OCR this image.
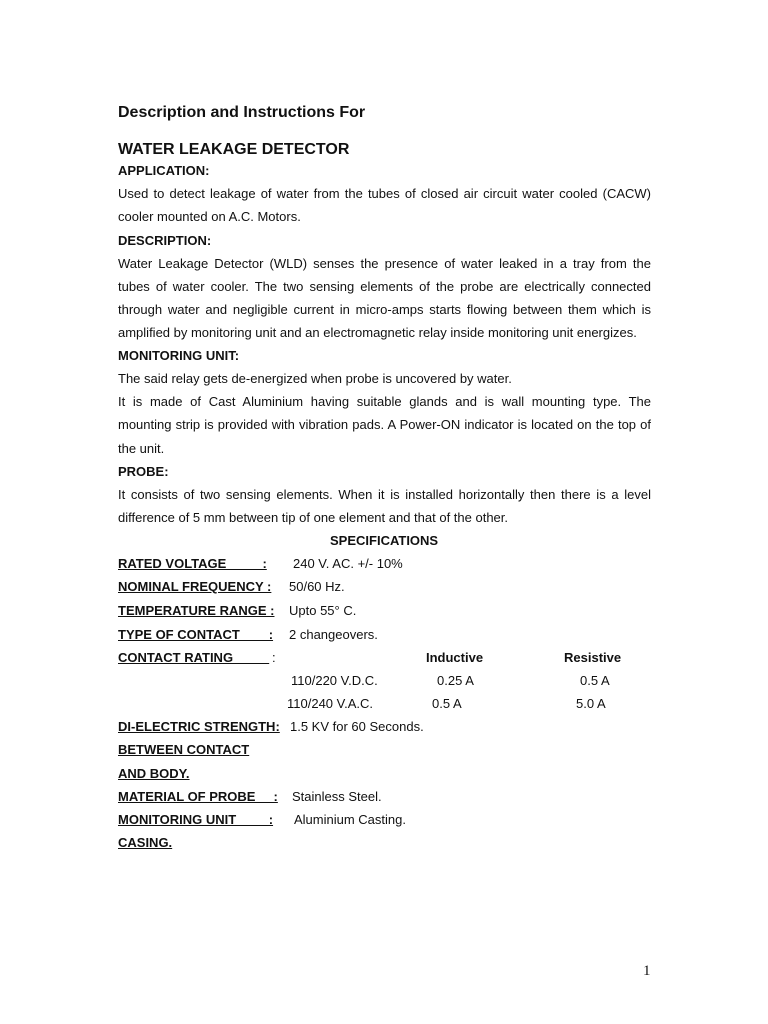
Description and Instructions For
WATER LEAKAGE DETECTOR
APPLICATION:
Used to detect leakage of water from the tubes of closed air circuit water cooled (CACW)
cooler mounted on A.C. Motors.
DESCRIPTION:
Water Leakage Detector (WLD) senses the presence of water leaked in a tray from the
tubes of water cooler. The two sensing elements of the probe are electrically connected
through water and negligible current in micro-amps starts flowing between them which is
amplified by monitoring unit and an electromagnetic relay inside monitoring unit energizes.
MONITORING UNIT:
The said relay gets de-energized when probe is uncovered by water.
It is made of Cast Aluminium having suitable glands and is wall mounting type. The
mounting strip is provided with vibration pads. A Power-ON indicator is located on the top of
the unit.
PROBE:
It consists of two sensing elements. When it is installed horizontally then there is a level
difference of 5 mm between tip of one element and that of the other.
SPECIFICATIONS
RATED VOLTAGE          : 240 V. AC. +/- 10%
NOMINAL FREQUENCY : 50/60 Hz.
TEMPERATURE RANGE : Upto 55° C.
TYPE OF CONTACT        : 2 changeovers.
CONTACT RATING :	Inductive	Resistive
110/220 V.D.C.	0.25 A	0.5 A
110/240 V.A.C.	0.5 A	5.0 A
DI-ELECTRIC STRENGTH: 1.5 KV for 60 Seconds.
BETWEEN CONTACT
AND BODY.
MATERIAL OF PROBE     : Stainless Steel.
MONITORING UNIT         : Aluminium Casting.
CASING.
1
